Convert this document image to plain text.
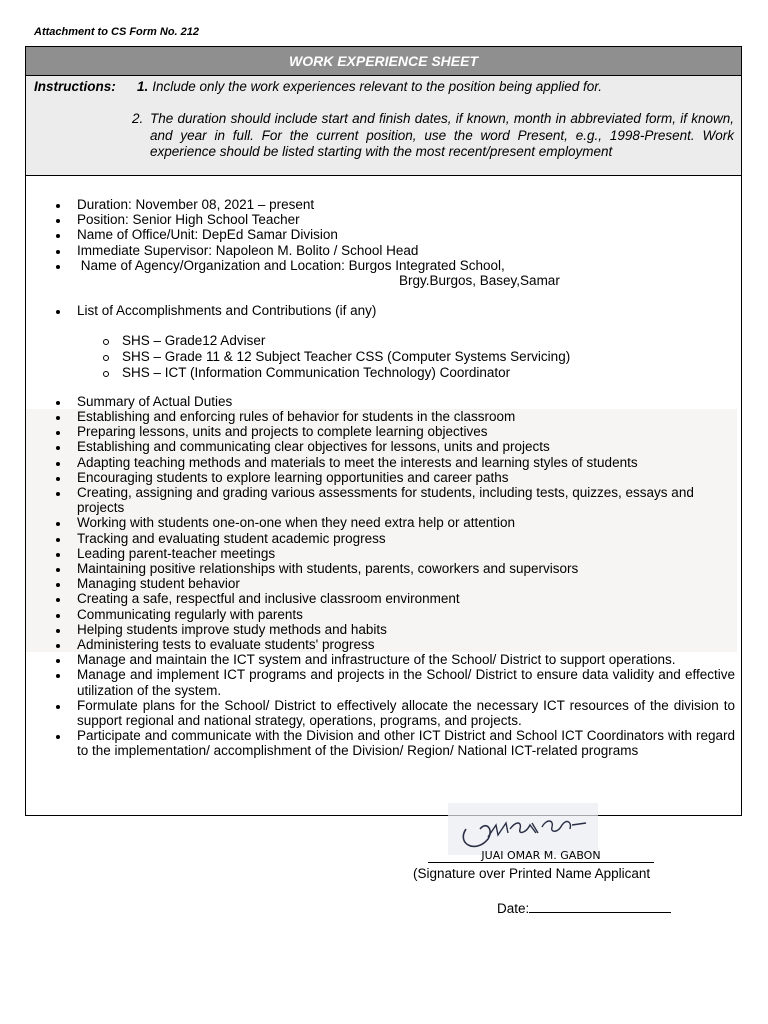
Attachment to CS Form No. 212
WORK EXPERIENCE SHEET
Instructions: 1. Include only the work experiences relevant to the position being applied for.
2. The duration should include start and finish dates, if known, month in abbreviated form, if known, and year in full. For the current position, use the word Present, e.g., 1998-Present. Work experience should be listed starting with the most recent/present employment
Duration: November 08, 2021 – present
Position: Senior High School Teacher
Name of Office/Unit: DepEd Samar Division
Immediate Supervisor: Napoleon M. Bolito / School Head
Name of Agency/Organization and Location: Burgos Integrated School,
Brgy.Burgos, Basey,Samar
List of Accomplishments and Contributions (if any)
SHS – Grade12 Adviser
SHS – Grade 11 & 12 Subject Teacher CSS (Computer Systems Servicing)
SHS – ICT (Information Communication Technology) Coordinator
Summary of Actual Duties
Establishing and enforcing rules of behavior for students in the classroom
Preparing lessons, units and projects to complete learning objectives
Establishing and communicating clear objectives for lessons, units and projects
Adapting teaching methods and materials to meet the interests and learning styles of students
Encouraging students to explore learning opportunities and career paths
Creating, assigning and grading various assessments for students, including tests, quizzes, essays and projects
Working with students one-on-one when they need extra help or attention
Tracking and evaluating student academic progress
Leading parent-teacher meetings
Maintaining positive relationships with students, parents, coworkers and supervisors
Managing student behavior
Creating a safe, respectful and inclusive classroom environment
Communicating regularly with parents
Helping students improve study methods and habits
Administering tests to evaluate students' progress
Manage and maintain the ICT system and infrastructure of the School/ District to support operations.
Manage and implement ICT programs and projects in the School/ District to ensure data validity and effective utilization of the system.
Formulate plans for the School/ District to effectively allocate the necessary ICT resources of the division to support regional and national strategy, operations, programs, and projects.
Participate and communicate with the Division and other ICT District and School ICT Coordinators with regard to the implementation/ accomplishment of the Division/ Region/ National ICT-related programs
JUAI OMAR M. GABON
(Signature over Printed Name Applicant
Date:
